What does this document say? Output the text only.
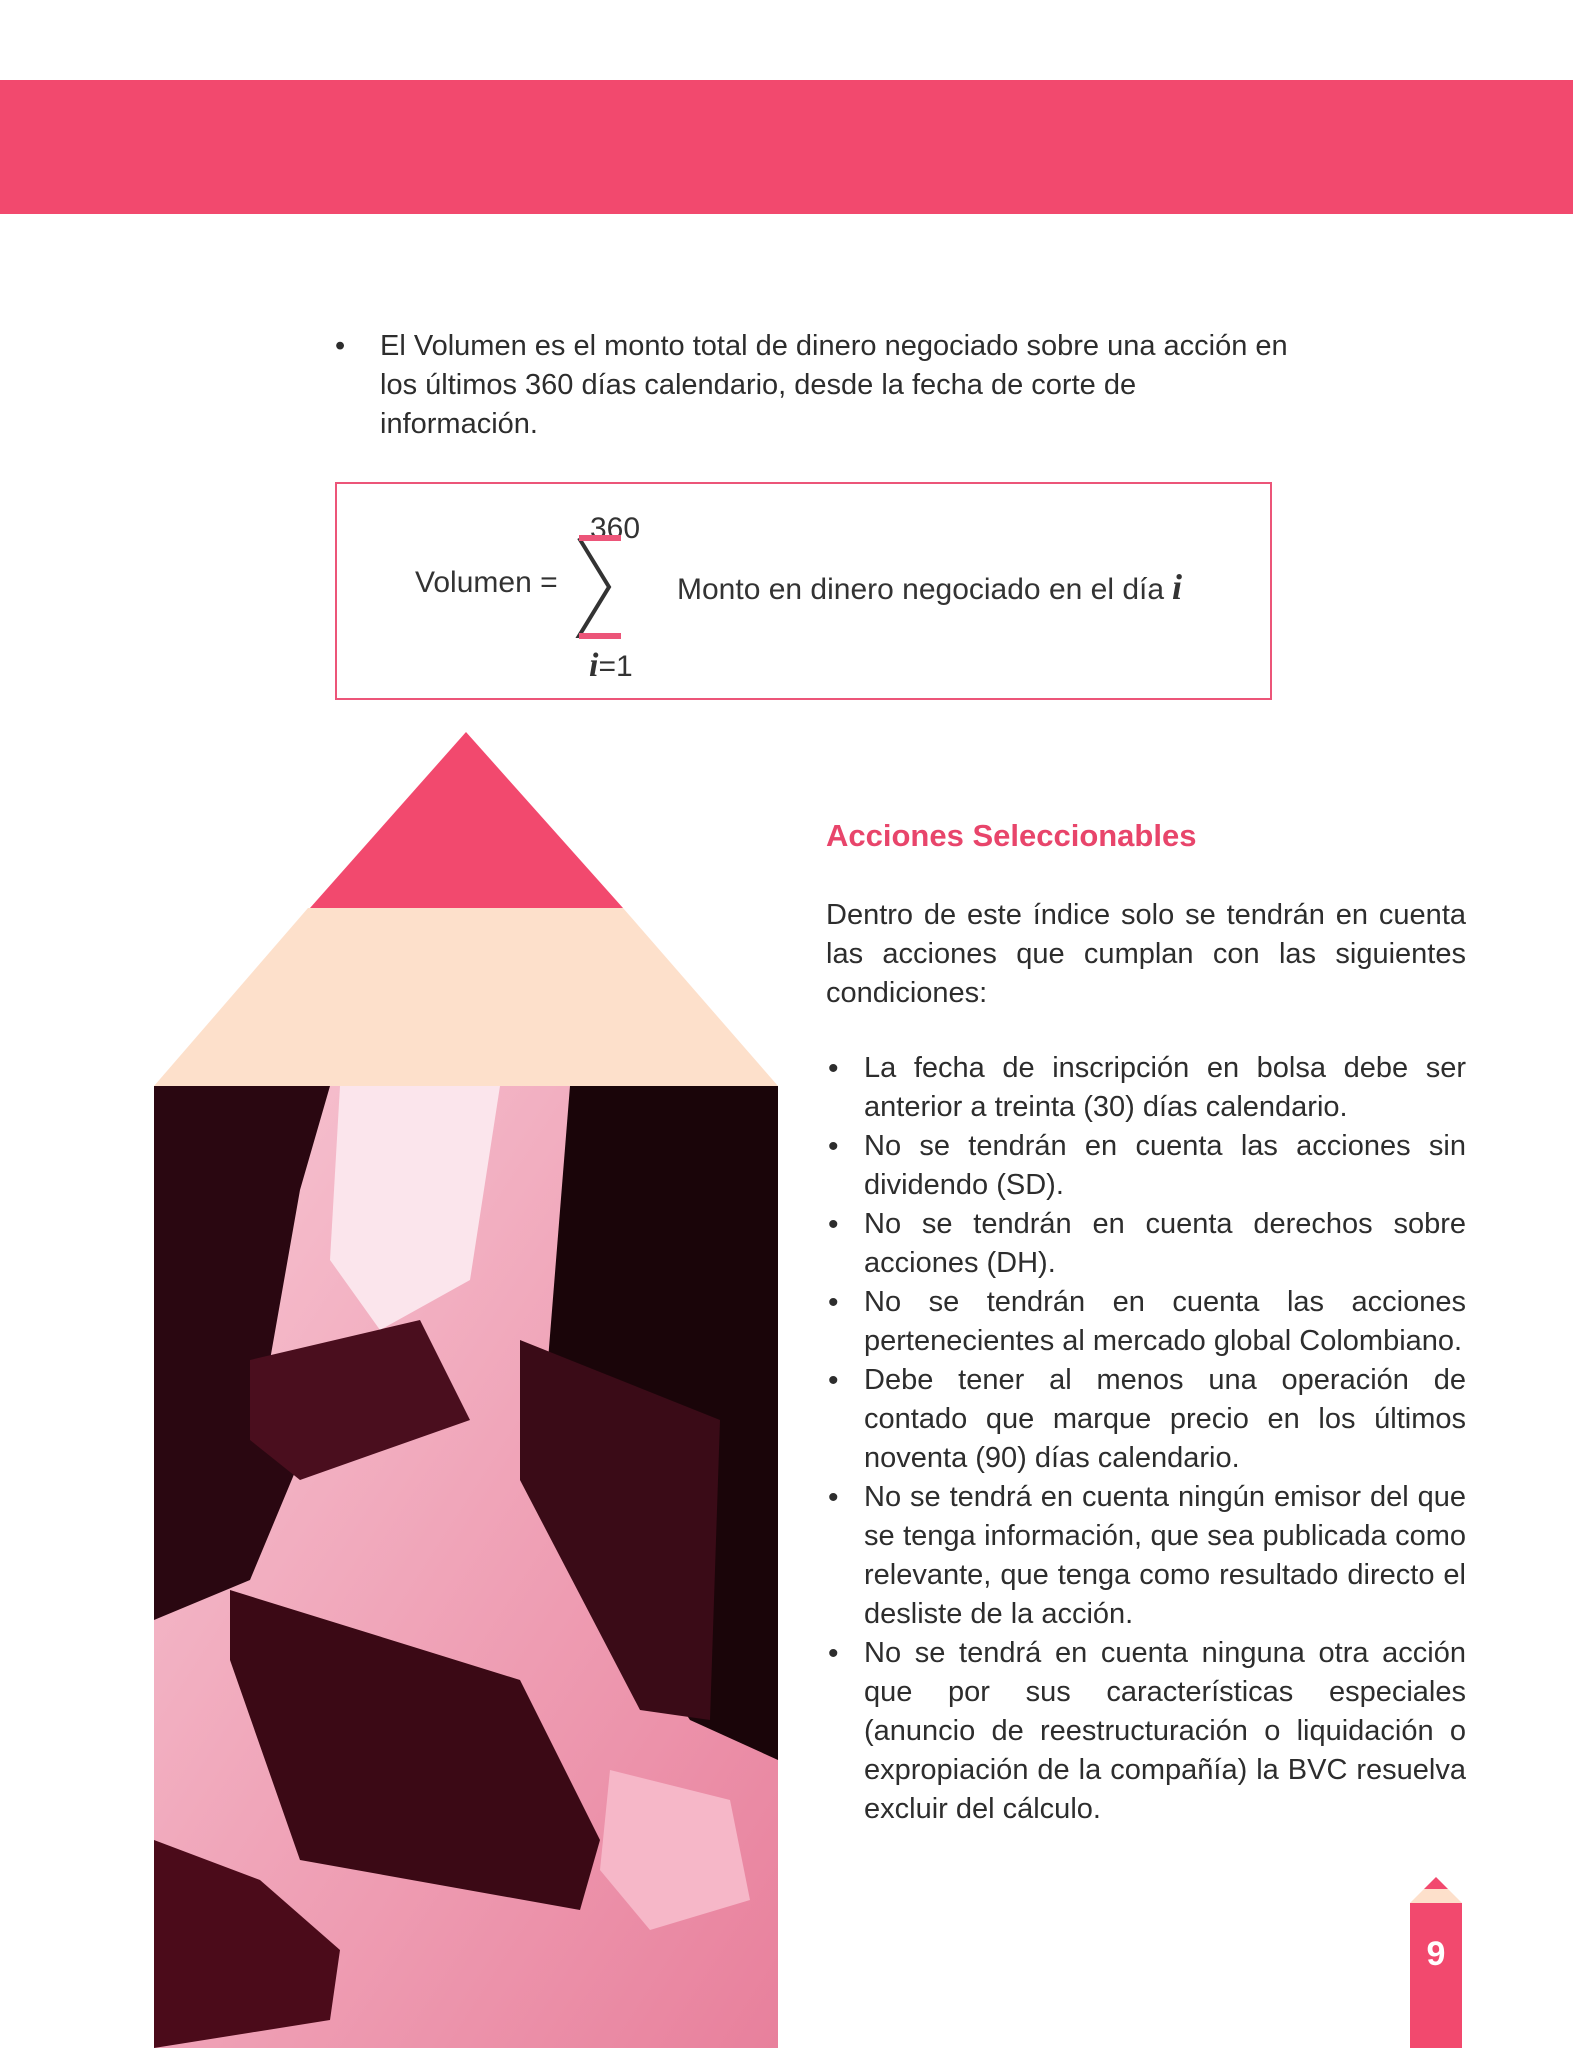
• El Volumen es el monto total de dinero negociado sobre una acción en los últimos 360 días calendario, desde la fecha de corte de información.
Volumen =
360
i=1
Monto en dinero negociado en el día i
Acciones Seleccionables
Dentro de este índice solo se tendrán en cuenta las acciones que cumplan con las siguientes condiciones:
• La fecha de inscripción en bolsa debe ser anterior a treinta (30) días calendario.
• No se tendrán en cuenta las acciones sin dividendo (SD).
• No se tendrán en cuenta derechos sobre acciones (DH).
• No se tendrán en cuenta las acciones pertenecientes al mercado global Colombiano.
• Debe tener al menos una operación de contado que marque precio en los últimos noventa (90) días calendario.
• No se tendrá en cuenta ningún emisor del que se tenga información, que sea publicada como relevante, que tenga como resultado directo el desliste de la acción.
• No se tendrá en cuenta ninguna otra acción que por sus características especiales (anuncio de reestructuración o liquidación o expropiación de la compañía) la BVC resuelva excluir del cálculo.
9
